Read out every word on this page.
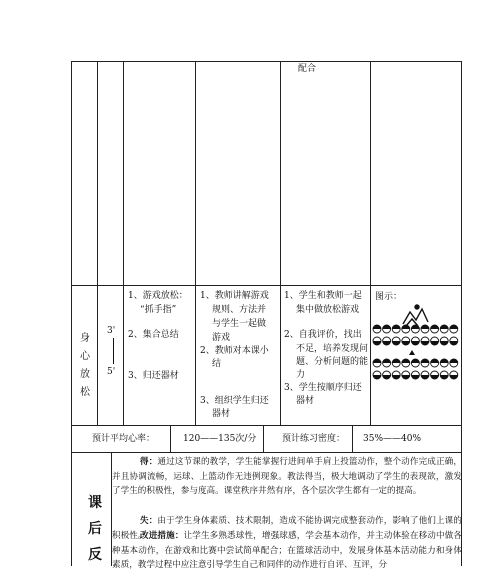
配合
身心放松
3'
5'
1、游戏放松：
“抓手指”
2、集合总结
3、归还器材
1、教师讲解游戏
规则、方法并
与学生一起做
游戏
2、教师对本课小
结
3、组织学生归还
器材
1、学生和教师一起
集中做放松游戏
2、自我评价，找出
不足，培养发现问
题、分析问题的能
力
3、学生按顺序归还
器材
图示：
预计平均心率：	120——135次/分	预计练习密度： 35%——40%
课
后
反
得：通过这节课的教学，学生能掌握行进间单手肩上投篮动作，整个动作完成正确，并且协调流畅，运球、上篮动作无违例现象。教法得当，极大地调动了学生的表现欲，激发了学生的积极性，参与度高。课堂秩序井然有序，各个层次学生都有一定的提高。
失：由于学生身体素质、技术限制，造成不能协调完成整套动作，影响了他们上课的积极性。
改进措施：让学生多熟悉球性，增强球感，学会基本动作，并主动体验在移动中做各种基本动作，在游戏和比赛中尝试简单配合；在篮球活动中，发展身体基本活动能力和身体素质，教学过程中应注意引导学生自己和同伴的动作进行自评、互评，分
